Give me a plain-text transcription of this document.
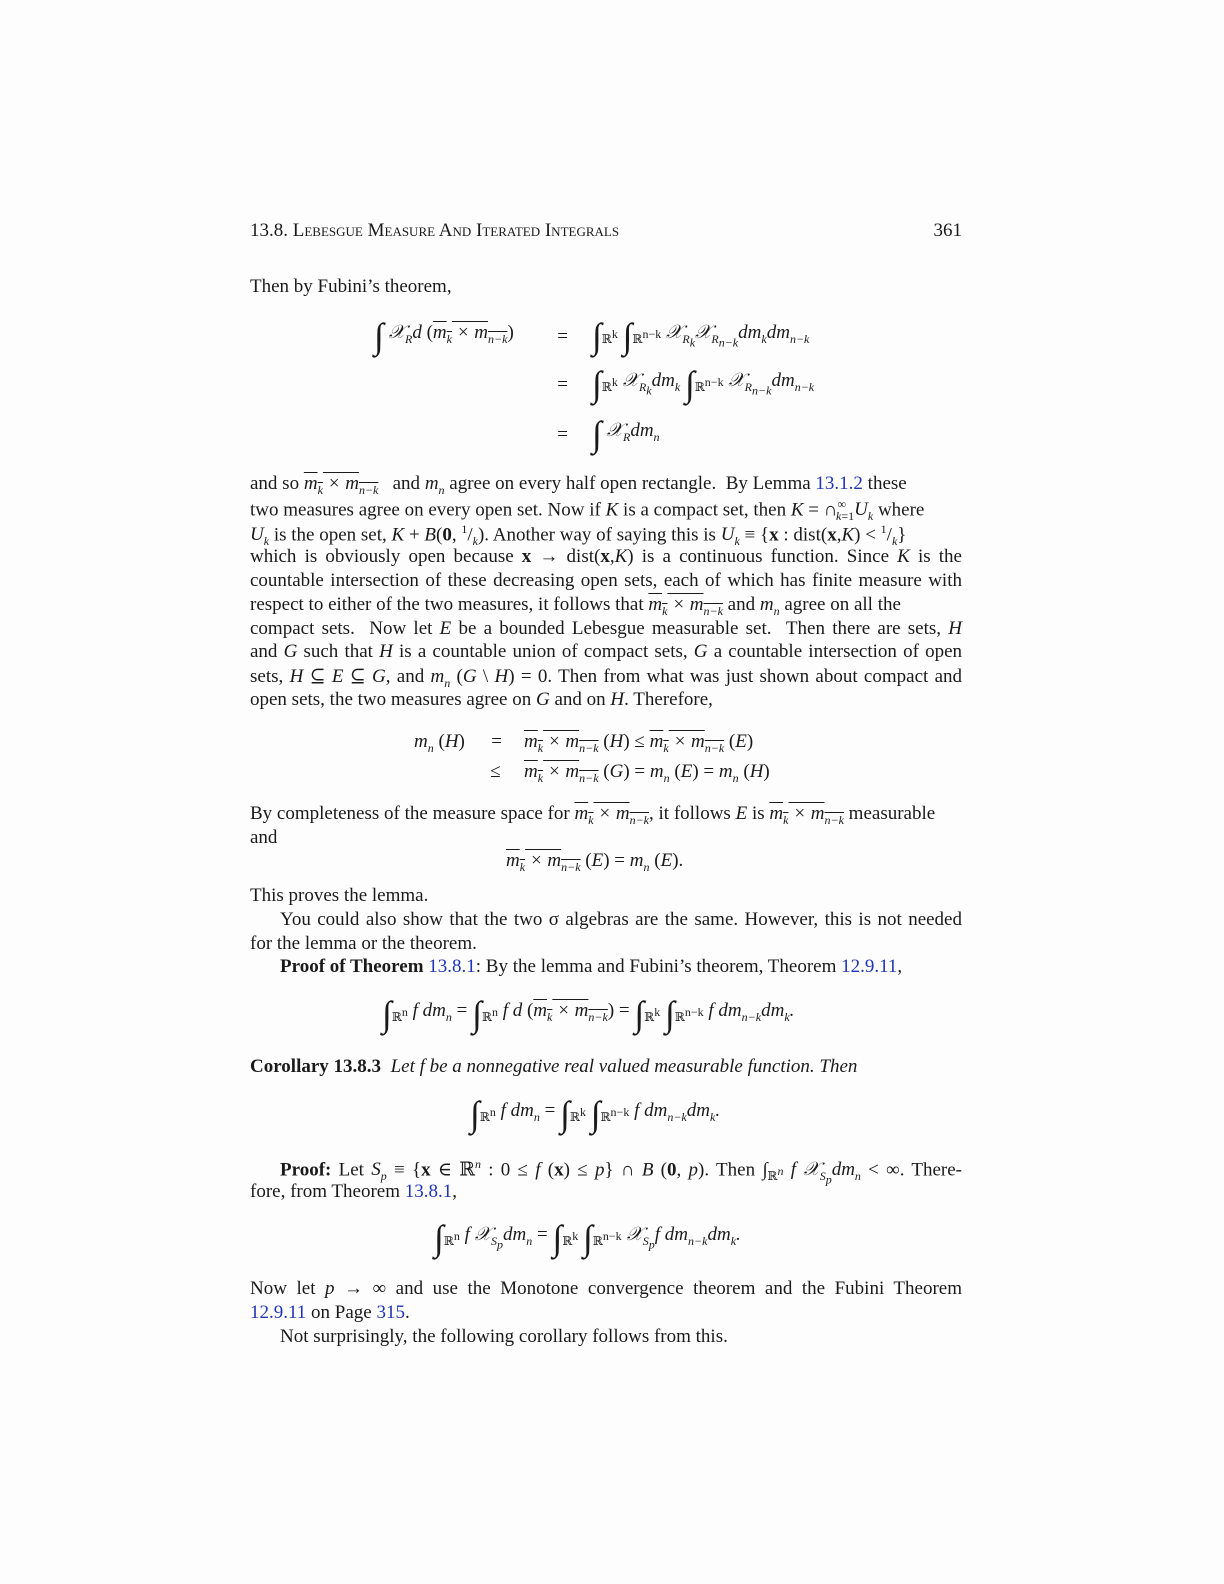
13.8. Lebesgue Measure And Iterated Integrals	361
Then by Fubini’s theorem,
∫ 𝒳$_R$d $(m_k \times m_{n-k}) = \int_{ℝ^k}$ $\int_{ℝ^{n-k}}$ $𝒳_{R_k}𝒳_{R_{n-k}}dm_kdm_{n-k}$
= $\int_{ℝ^k}$ $𝒳_{R_k}dm_k$ $\int_{ℝ^{n-k}}$ $𝒳_{R_{n-k}}dm_{n-k}$
= ∫ $𝒳_Rdm_n$
and so $m_k \times m_{n-k}$ and $m_n$ agree on every half open rectangle.  By Lemma 13.1.2 these
two measures agree on every open set. Now if K is a compact set, then $K = \cap^\infty_{k=1}U_k$ where
$U_k$ is the open set, K + B(0, $^1/_k$). Another way of saying this is $U_k \equiv \{x$ : dist(x,K) < $^1/_k$}
which is obviously open because x → dist(x,K) is a continuous function. Since K is the
countable intersection of these decreasing open sets, each of which has finite measure with
respect to either of the two measures, it follows that $m_k \times m_{n-k}$ and $m_n$ agree on all the
compact sets.  Now let E be a bounded Lebesgue measurable set.  Then there are sets, H
and G such that H is a countable union of compact sets, G a countable intersection of open
sets, H ⊆ E ⊆ G, and $m_n$ (G \ H) = 0. Then from what was just shown about compact and
open sets, the two measures agree on G and on H. Therefore,
$m_n$ $(H) = m_k \times m_{n-k}$ $(H) \le m_k \times m_{n-k}$ (E)
≤ $m_k \times m_{n-k}$ $(G) = m_n$ $(E) = m_n$ (H)
By completeness of the measure space for $m_k \times m_{n-k}$, it follows E is $m_k \times m_{n-k}$ measurable
and
$m_k \times m_{n-k}$ $(E) = m_n$ (E).
This proves the lemma.
You could also show that the two σ algebras are the same. However, this is not needed
for the lemma or the theorem.
Proof of Theorem 13.8.1: By the lemma and Fubini’s theorem, Theorem 12.9.11,
$\int_{ℝ^n}$ f $dm_n = \int_{ℝ^n}$ f d $(m_k \times m_{n-k}) = \int_{ℝ^k}$ $\int_{ℝ^{n-k}}$ f $dm_{n-k}dm_k$.
Corollary 13.8.3 Let f be a nonnegative real valued measurable function. Then
$\int_{ℝ^n}$ f $dm_n = \int_{ℝ^k}$ $\int_{ℝ^{n-k}}$ f $dm_{n-k}dm_k$.
Proof: Let $S_p \equiv \{x$ ∈ ℝ$^n$ : 0 ≤ f (x) ≤ p} ∩ B (0, p). Then $\int_{ℝ^n}$ f $𝒳_{S_p}dm_n$ < ∞. There-
fore, from Theorem 13.8.1,
$\int_{ℝ^n}$ f $𝒳_{S_p}dm_n = \int_{ℝ^k}$ $\int_{ℝ^{n-k}}$ 𝒳$_{S_p}$f $dm_{n-k}dm_k$.
Now let p → ∞ and use the Monotone convergence theorem and the Fubini Theorem
12.9.11 on Page 315.
Not surprisingly, the following corollary follows from this.
